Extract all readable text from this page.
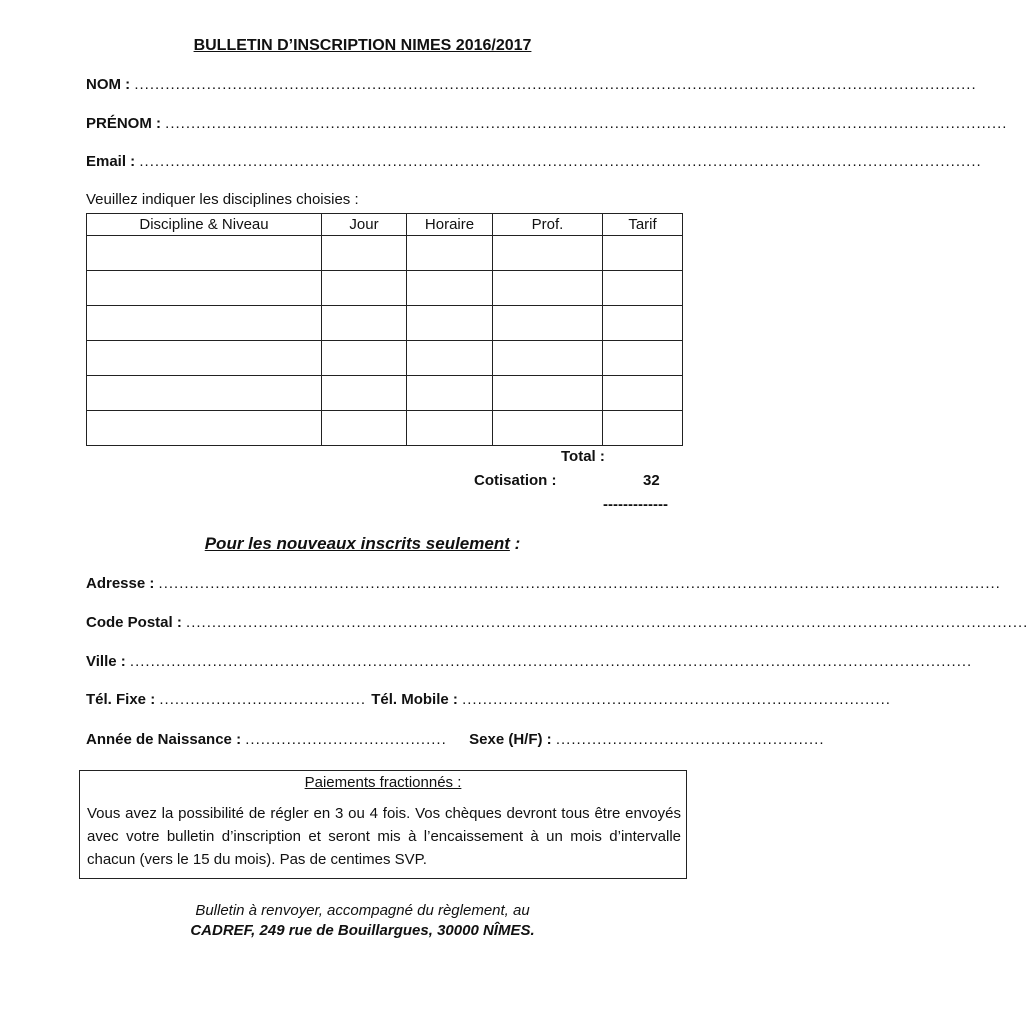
BULLETIN D’INSCRIPTION NIMES 2016/2017
NOM : ...................................................................................................................................................................
PRÉNOM : ...................................................................................................................................................................
Email : ...................................................................................................................................................................
Veuillez indiquer les disciplines choisies :
Discipline & Niveau	Jour	Horaire	Prof.	Tarif

Total :
Cotisation :	32
-------------
Pour les nouveaux inscrits seulement :
Adresse : ...................................................................................................................................................................
Code Postal : ...................................................................................................................................................................
Ville : ...................................................................................................................................................................
Tél. Fixe : ........................................ Tél. Mobile : ...................................................................................
Année de Naissance : ....................................... Sexe (H/F) : ....................................................
Paiements fractionnés :
Vous avez la possibilité de régler en 3 ou 4 fois. Vos chèques devront tous être envoyés avec votre bulletin d’inscription et seront mis à l’encaissement à un mois d’intervalle chacun (vers le 15 du mois). Pas de centimes SVP.
Bulletin à renvoyer, accompagné du règlement, au
CADREF, 249 rue de Bouillargues, 30000 NÎMES.
